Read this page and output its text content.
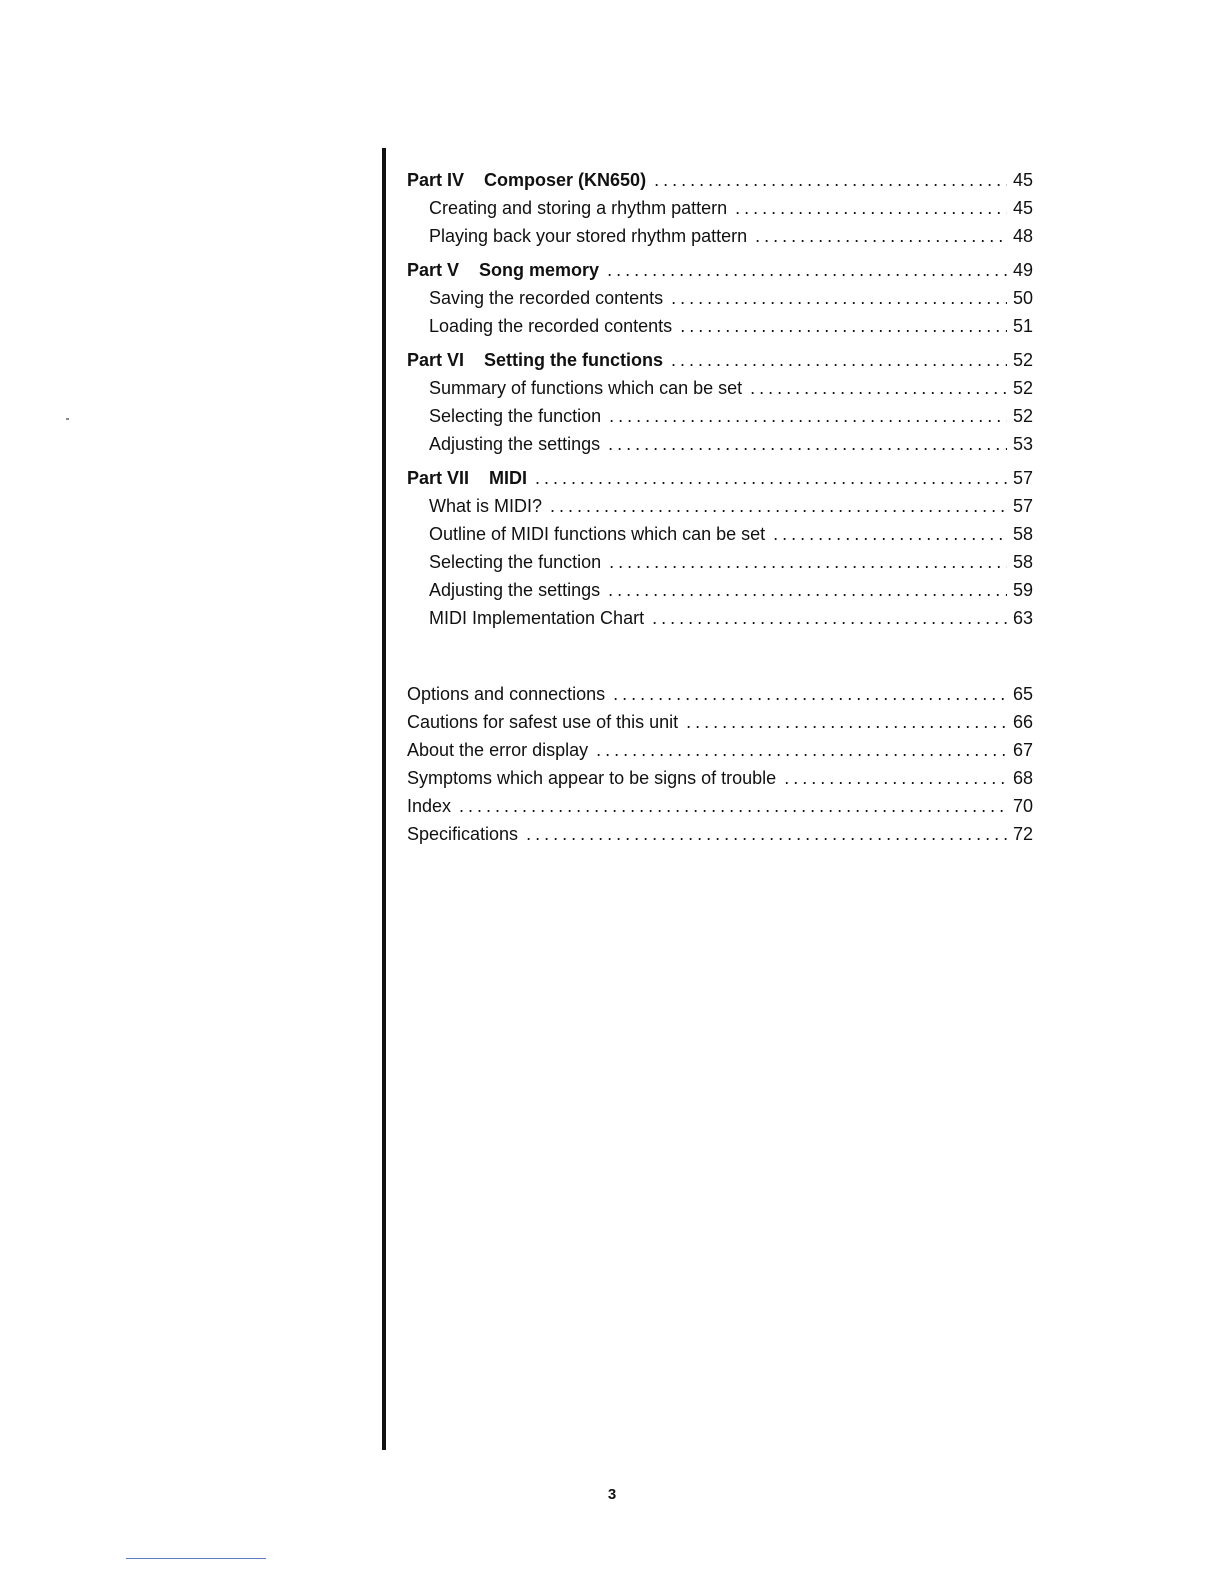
Part IV Composer (KN650) . . .	45
Creating and storing a rhythm pattern . . .	45
Playing back your stored rhythm pattern . . .	48
Part V Song memory . . .	49
Saving the recorded contents . . .	50
Loading the recorded contents . . .	51
Part VI Setting the functions . . .	52
Summary of functions which can be set . . .	52
Selecting the function . . .	52
Adjusting the settings . . .	53
Part VII MIDI . . .	57
What is MIDI? . . .	57
Outline of MIDI functions which can be set . . .	58
Selecting the function . . .	58
Adjusting the settings . . .	59
MIDI Implementation Chart . . .	63
Options and connections . . .	65
Cautions for safest use of this unit . . .	66
About the error display . . .	67
Symptoms which appear to be signs of trouble . . .	68
Index . . .	70
Specifications . . .	72
3
